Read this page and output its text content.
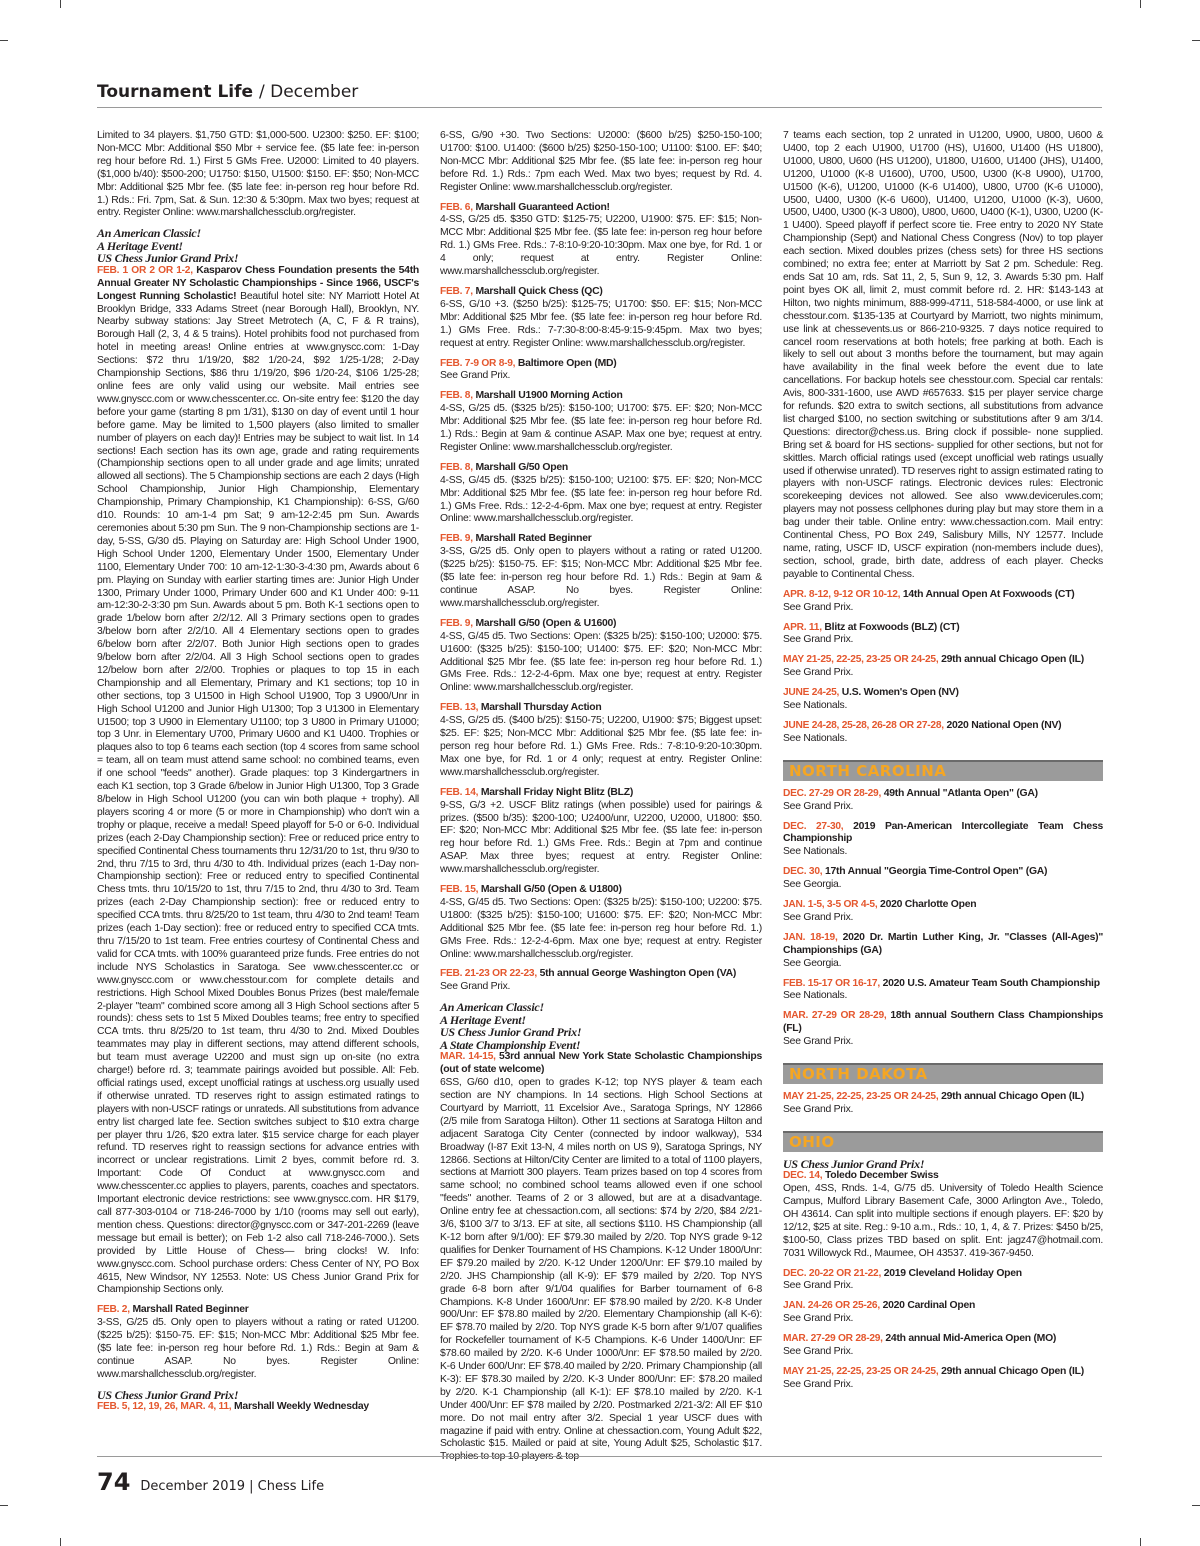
Tournament Life / December

Limited to 34 players. $1,750 GTD: $1,000-500. U2300: $250. EF: $100; Non-MCC Mbr: Additional $50 Mbr + service fee. ($5 late fee: in-person reg hour before Rd. 1.) First 5 GMs Free. U2000: Limited to 40 players. ($1,000 b/40): $500-200; U1750: $150, U1500: $150. EF: $50; Non-MCC Mbr: Additional $25 Mbr fee. ($5 late fee: in-person reg hour before Rd. 1.) Rds.: Fri. 7pm, Sat. & Sun. 12:30 & 5:30pm. Max two byes; request at entry. Register Online: www.marshallchessclub.org/register.

An American Classic!
A Heritage Event!
US Chess Junior Grand Prix!
FEB. 1 OR 2 OR 1-2, Kasparov Chess Foundation presents the 54th Annual Greater NY Scholastic Championships - Since 1966, USCF's Longest Running Scholastic! Beautiful hotel site: NY Marriott Hotel At Brooklyn Bridge, 333 Adams Street (near Borough Hall), Brooklyn, NY. Nearby subway stations: Jay Street Metrotech (A, C, F & R trains), Borough Hall (2, 3, 4 & 5 trains). Hotel prohibits food not purchased from hotel in meeting areas! Online entries at www.gnyscc.com: 1-Day Sections: $72 thru 1/19/20, $82 1/20-24, $92 1/25-1/28; 2-Day Championship Sections, $86 thru 1/19/20, $96 1/20-24, $106 1/25-28; online fees are only valid using our website. Mail entries see www.gnyscc.com or www.chesscenter.cc. On-site entry fee: $120 the day before your game (starting 8 pm 1/31), $130 on day of event until 1 hour before game. May be limited to 1,500 players (also limited to smaller number of players on each day)! Entries may be subject to wait list. In 14 sections! Each section has its own age, grade and rating requirements (Championship sections open to all under grade and age limits; unrated allowed all sections). The 5 Championship sections are each 2 days (High School Championship, Junior High Championship, Elementary Championship, Primary Championship, K1 Championship): 6-SS, G/60 d10. Rounds: 10 am-1-4 pm Sat; 9 am-12-2:45 pm Sun. Awards ceremonies about 5:30 pm Sun. The 9 non-Championship sections are 1-day, 5-SS, G/30 d5. Playing on Saturday are: High School Under 1900, High School Under 1200, Elementary Under 1500, Elementary Under 1100, Elementary Under 700: 10 am-12-1:30-3-4:30 pm, Awards about 6 pm. Playing on Sunday with earlier starting times are: Junior High Under 1300, Primary Under 1000, Primary Under 600 and K1 Under 400: 9-11 am-12:30-2-3:30 pm Sun. Awards about 5 pm. Both K-1 sections open to grade 1/below born after 2/2/12. All 3 Primary sections open to grades 3/below born after 2/2/10. All 4 Elementary sections open to grades 6/below born after 2/2/07. Both Junior High sections open to grades 9/below born after 2/2/04. All 3 High School sections open to grades 12/below born after 2/2/00. Trophies or plaques to top 15 in each Championship and all Elementary, Primary and K1 sections; top 10 in other sections, top 3 U1500 in High School U1900, Top 3 U900/Unr in High School U1200 and Junior High U1300; Top 3 U1300 in Elementary U1500; top 3 U900 in Elementary U1100; top 3 U800 in Primary U1000; top 3 Unr. in Elementary U700, Primary U600 and K1 U400. Trophies or plaques also to top 6 teams each section (top 4 scores from same school = team, all on team must attend same school: no combined teams, even if one school "feeds" another). Grade plaques: top 3 Kindergartners in each K1 section, top 3 Grade 6/below in Junior High U1300, Top 3 Grade 8/below in High School U1200 (you can win both plaque + trophy). All players scoring 4 or more (5 or more in Championship) who don't win a trophy or plaque, receive a medal! Speed playoff for 5-0 or 6-0. Individual prizes (each 2-Day Championship section): Free or reduced price entry to specified Continental Chess tournaments thru 12/31/20 to 1st, thru 9/30 to 2nd, thru 7/15 to 3rd, thru 4/30 to 4th. Individual prizes (each 1-Day non-Championship section): Free or reduced entry to specified Continental Chess tmts. thru 10/15/20 to 1st, thru 7/15 to 2nd, thru 4/30 to 3rd. Team prizes (each 2-Day Championship section): free or reduced entry to specified CCA tmts. thru 8/25/20 to 1st team, thru 4/30 to 2nd team! Team prizes (each 1-Day section): free or reduced entry to specified CCA tmts. thru 7/15/20 to 1st team. Free entries courtesy of Continental Chess and valid for CCA tmts. with 100% guaranteed prize funds. Free entries do not include NYS Scholastics in Saratoga. See www.chesscenter.cc or www.gnyscc.com or www.chesstour.com for complete details and restrictions. High School Mixed Doubles Bonus Prizes (best male/female 2-player "team" combined score among all 3 High School sections after 5 rounds): chess sets to 1st 5 Mixed Doubles teams; free entry to specified CCA tmts. thru 8/25/20 to 1st team, thru 4/30 to 2nd. Mixed Doubles teammates may play in different sections, may attend different schools, but team must average U2200 and must sign up on-site (no extra charge!) before rd. 3; teammate pairings avoided but possible. All: Feb. official ratings used, except unofficial ratings at uschess.org usually used if otherwise unrated. TD reserves right to assign estimated ratings to players with non-USCF ratings or unrateds. All substitutions from advance entry list charged late fee. Section switches subject to $10 extra charge per player thru 1/26, $20 extra later. $15 service charge for each player refund. TD reserves right to reassign sections for advance entries with incorrect or unclear registrations. Limit 2 byes, commit before rd. 3. Important: Code Of Conduct at www.gnyscc.com and www.chesscenter.cc applies to players, parents, coaches and spectators. Important electronic device restrictions: see www.gnyscc.com. HR $179, call 877-303-0104 or 718-246-7000 by 1/10 (rooms may sell out early), mention chess. Questions: director@gnyscc.com or 347-201-2269 (leave message but email is better); on Feb 1-2 also call 718-246-7000.). Sets provided by Little House of Chess— bring clocks! W. Info: www.gnyscc.com. School purchase orders: Chess Center of NY, PO Box 4615, New Windsor, NY 12553. Note: US Chess Junior Grand Prix for Championship Sections only.
FEB. 2, Marshall Rated Beginner
3-SS, G/25 d5. Only open to players without a rating or rated U1200. ($225 b/25): $150-75. EF: $15; Non-MCC Mbr: Additional $25 Mbr fee. ($5 late fee: in-person reg hour before Rd. 1.) Rds.: Begin at 9am & continue ASAP. No byes. Register Online: www.marshallchessclub.org/register.
US Chess Junior Grand Prix!
FEB. 5, 12, 19, 26, MAR. 4, 11, Marshall Weekly Wednesday

6-SS, G/90 +30. Two Sections: U2000: ($600 b/25) $250-150-100; U1700: $100. U1400: ($600 b/25) $250-150-100; U1100: $100. EF: $40; Non-MCC Mbr: Additional $25 Mbr fee. ($5 late fee: in-person reg hour before Rd. 1.) Rds.: 7pm each Wed. Max two byes; request by Rd. 4. Register Online: www.marshallchessclub.org/register.

FEB. 6, Marshall Guaranteed Action!
4-SS, G/25 d5. $350 GTD: $125-75; U2200, U1900: $75. EF: $15; Non-MCC Mbr: Additional $25 Mbr fee. ($5 late fee: in-person reg hour before Rd. 1.) GMs Free. Rds.: 7-8:10-9:20-10:30pm. Max one bye, for Rd. 1 or 4 only; request at entry. Register Online: www.marshallchessclub.org/register.
FEB. 7, Marshall Quick Chess (QC)
6-SS, G/10 +3. ($250 b/25): $125-75; U1700: $50. EF: $15; Non-MCC Mbr: Additional $25 Mbr fee. ($5 late fee: in-person reg hour before Rd. 1.) GMs Free. Rds.: 7-7:30-8:00-8:45-9:15-9:45pm. Max two byes; request at entry. Register Online: www.marshallchessclub.org/register.
FEB. 7-9 OR 8-9, Baltimore Open (MD)
See Grand Prix.
FEB. 8, Marshall U1900 Morning Action
4-SS, G/25 d5. ($325 b/25): $150-100; U1700: $75. EF: $20; Non-MCC Mbr: Additional $25 Mbr fee. ($5 late fee: in-person reg hour before Rd. 1.) Rds.: Begin at 9am & continue ASAP. Max one bye; request at entry. Register Online: www.marshallchessclub.org/register.
FEB. 8, Marshall G/50 Open
4-SS, G/45 d5. ($325 b/25): $150-100; U2100: $75. EF: $20; Non-MCC Mbr: Additional $25 Mbr fee. ($5 late fee: in-person reg hour before Rd. 1.) GMs Free. Rds.: 12-2-4-6pm. Max one bye; request at entry. Register Online: www.marshallchessclub.org/register.
FEB. 9, Marshall Rated Beginner
3-SS, G/25 d5. Only open to players without a rating or rated U1200. ($225 b/25): $150-75. EF: $15; Non-MCC Mbr: Additional $25 Mbr fee. ($5 late fee: in-person reg hour before Rd. 1.) Rds.: Begin at 9am & continue ASAP. No byes. Register Online: www.marshallchessclub.org/register.
FEB. 9, Marshall G/50 (Open & U1600)
4-SS, G/45 d5. Two Sections: Open: ($325 b/25): $150-100; U2000: $75. U1600: ($325 b/25): $150-100; U1400: $75. EF: $20; Non-MCC Mbr: Additional $25 Mbr fee. ($5 late fee: in-person reg hour before Rd. 1.) GMs Free. Rds.: 12-2-4-6pm. Max one bye; request at entry. Register Online: www.marshallchessclub.org/register.
FEB. 13, Marshall Thursday Action
4-SS, G/25 d5. ($400 b/25): $150-75; U2200, U1900: $75; Biggest upset: $25. EF: $25; Non-MCC Mbr: Additional $25 Mbr fee. ($5 late fee: in-person reg hour before Rd. 1.) GMs Free. Rds.: 7-8:10-9:20-10:30pm. Max one bye, for Rd. 1 or 4 only; request at entry. Register Online: www.marshallchessclub.org/register.
FEB. 14, Marshall Friday Night Blitz (BLZ)
9-SS, G/3 +2. USCF Blitz ratings (when possible) used for pairings & prizes. ($500 b/35): $200-100; U2400/unr, U2200, U2000, U1800: $50. EF: $20; Non-MCC Mbr: Additional $25 Mbr fee. ($5 late fee: in-person reg hour before Rd. 1.) GMs Free. Rds.: Begin at 7pm and continue ASAP. Max three byes; request at entry. Register Online: www.marshallchessclub.org/register.
FEB. 15, Marshall G/50 (Open & U1800)
4-SS, G/45 d5. Two Sections: Open: ($325 b/25): $150-100; U2200: $75. U1800: ($325 b/25): $150-100; U1600: $75. EF: $20; Non-MCC Mbr: Additional $25 Mbr fee. ($5 late fee: in-person reg hour before Rd. 1.) GMs Free. Rds.: 12-2-4-6pm. Max one bye; request at entry. Register Online: www.marshallchessclub.org/register.
FEB. 21-23 OR 22-23, 5th annual George Washington Open (VA)
See Grand Prix.
An American Classic!
A Heritage Event!
US Chess Junior Grand Prix!
A State Championship Event!
MAR. 14-15, 53rd annual New York State Scholastic Championships (out of state welcome)
6SS, G/60 d10, open to grades K-12; top NYS player & team each section are NY champions. In 14 sections. High School Sections at Courtyard by Marriott, 11 Excelsior Ave., Saratoga Springs, NY 12866 (2/5 mile from Saratoga Hilton). Other 11 sections at Saratoga Hilton and adjacent Saratoga City Center (connected by indoor walkway), 534 Broadway (I-87 Exit 13-N, 4 miles north on US 9), Saratoga Springs, NY 12866. Sections at Hilton/City Center are limited to a total of 1100 players, sections at Marriott 300 players. Team prizes based on top 4 scores from same school; no combined school teams allowed even if one school "feeds" another. Teams of 2 or 3 allowed, but are at a disadvantage. Online entry fee at chessaction.com, all sections: $74 by 2/20, $84 2/21-3/6, $100 3/7 to 3/13. EF at site, all sections $110. HS Championship (all K-12 born after 9/1/00): EF $79.30 mailed by 2/20. Top NYS grade 9-12 qualifies for Denker Tournament of HS Champions. K-12 Under 1800/Unr: EF $79.20 mailed by 2/20. K-12 Under 1200/Unr: EF $79.10 mailed by 2/20. JHS Championship (all K-9): EF $79 mailed by 2/20. Top NYS grade 6-8 born after 9/1/04 qualifies for Barber tournament of 6-8 Champions. K-8 Under 1600/Unr: EF $78.90 mailed by 2/20. K-8 Under 900/Unr: EF $78.80 mailed by 2/20. Elementary Championship (all K-6): EF $78.70 mailed by 2/20. Top NYS grade K-5 born after 9/1/07 qualifies for Rockefeller tournament of K-5 Champions. K-6 Under 1400/Unr: EF $78.60 mailed by 2/20. K-6 Under 1000/Unr: EF $78.50 mailed by 2/20. K-6 Under 600/Unr: EF $78.40 mailed by 2/20. Primary Championship (all K-3): EF $78.30 mailed by 2/20. K-3 Under 800/Unr: EF: $78.20 mailed by 2/20. K-1 Championship (all K-1): EF $78.10 mailed by 2/20. K-1 Under 400/Unr: EF $78 mailed by 2/20. Postmarked 2/21-3/2: All EF $10 more. Do not mail entry after 3/2. Special 1 year USCF dues with magazine if paid with entry. Online at chessaction.com, Young Adult $22, Scholastic $15. Mailed or paid at site, Young Adult $25, Scholastic $17.

7 teams each section, top 2 unrated in U1200, U900, U800, U600 & U400, top 2 each U1900, U1700 (HS), U1600, U1400 (HS U1800), U1000, U800, U600 (HS U1200), U1800, U1600, U1400 (JHS), U1400, U1200, U1000 (K-8 U1600), U700, U500, U300 (K-8 U900), U1700, U1500 (K-6), U1200, U1000 (K-6 U1400), U800, U700 (K-6 U1000), U500, U400, U300 (K-6 U600), U1400, U1200, U1000 (K-3), U600, U500, U400, U300 (K-3 U800), U800, U600, U400 (K-1), U300, U200 (K-1 U400). Speed playoff if perfect score tie. Free entry to 2020 NY State Championship (Sept) and National Chess Congress (Nov) to top player each section. Mixed doubles prizes (chess sets) for three HS sections combined; no extra fee; enter at Marriott by Sat 2 pm. Schedule: Reg. ends Sat 10 am, rds. Sat 11, 2, 5, Sun 9, 12, 3. Awards 5:30 pm. Half point byes OK all, limit 2, must commit before rd. 2. HR: $143-143 at Hilton, two nights minimum, 888-999-4711, 518-584-4000, or use link at chesstour.com. $135-135 at Courtyard by Marriott, two nights minimum, use link at chessevents.us or 866-210-9325. 7 days notice required to cancel room reservations at both hotels; free parking at both. Each is likely to sell out about 3 months before the tournament, but may again have availability in the final week before the event due to late cancellations. For backup hotels see chesstour.com. Special car rentals: Avis, 800-331-1600, use AWD #657633. $15 per player service charge for refunds. $20 extra to switch sections, all substitutions from advance list charged $100, no section switching or substitutions after 9 am 3/14. Questions: director@chess.us. Bring clock if possible- none supplied. Bring set & board for HS sections- supplied for other sections, but not for skittles. March official ratings used (except unofficial web ratings usually used if otherwise unrated). TD reserves right to assign estimated rating to players with non-USCF ratings. Electronic devices rules: Electronic scorekeeping devices not allowed. See also www.devicerules.com; players may not possess cellphones during play but may store them in a bag under their table. Online entry: www.chessaction.com. Mail entry: Continental Chess, PO Box 249, Salisbury Mills, NY 12577. Include name, rating, USCF ID, USCF expiration (non-members include dues), section, school, grade, birth date, address of each player. Checks payable to Continental Chess.

APR. 8-12, 9-12 OR 10-12, 14th Annual Open At Foxwoods (CT)
See Grand Prix.
APR. 11, Blitz at Foxwoods (BLZ) (CT)
See Grand Prix.
MAY 21-25, 22-25, 23-25 OR 24-25, 29th annual Chicago Open (IL)
See Grand Prix.
JUNE 24-25, U.S. Women's Open (NV)
See Nationals.
JUNE 24-28, 25-28, 26-28 OR 27-28, 2020 National Open (NV)
See Nationals.
NORTH CAROLINA
DEC. 27-29 OR 28-29, 49th Annual "Atlanta Open" (GA)
See Grand Prix.
DEC. 27-30, 2019 Pan-American Intercollegiate Team Chess Championship
See Nationals.
DEC. 30, 17th Annual "Georgia Time-Control Open" (GA)
See Georgia.
JAN. 1-5, 3-5 OR 4-5, 2020 Charlotte Open
See Grand Prix.
JAN. 18-19, 2020 Dr. Martin Luther King, Jr. "Classes (All-Ages)" Championships (GA)
See Georgia.
FEB. 15-17 OR 16-17, 2020 U.S. Amateur Team South Championship
See Nationals.
MAR. 27-29 OR 28-29, 18th annual Southern Class Championships (FL)
See Grand Prix.
NORTH DAKOTA
MAY 21-25, 22-25, 23-25 OR 24-25, 29th annual Chicago Open (IL)
See Grand Prix.
OHIO
US Chess Junior Grand Prix!
DEC. 14, Toledo December Swiss
Open, 4SS, Rnds. 1-4, G/75 d5. University of Toledo Health Science Campus, Mulford Library Basement Cafe, 3000 Arlington Ave., Toledo, OH 43614. Can split into multiple sections if enough players. EF: $20 by 12/12, $25 at site. Reg.: 9-10 a.m., Rds.: 10, 1, 4, & 7. Prizes: $450 b/25, $100-50, Class prizes TBD based on split. Ent: jagz47@hotmail.com. 7031 Willowyck Rd., Maumee, OH 43537. 419-367-9450.
DEC. 20-22 OR 21-22, 2019 Cleveland Holiday Open
See Grand Prix.
JAN. 24-26 OR 25-26, 2020 Cardinal Open
See Grand Prix.
MAR. 27-29 OR 28-29, 24th annual Mid-America Open (MO)
See Grand Prix.
MAY 21-25, 22-25, 23-25 OR 24-25, 29th annual Chicago Open (IL)
See Grand Prix.
74 December 2019 | Chess Life
